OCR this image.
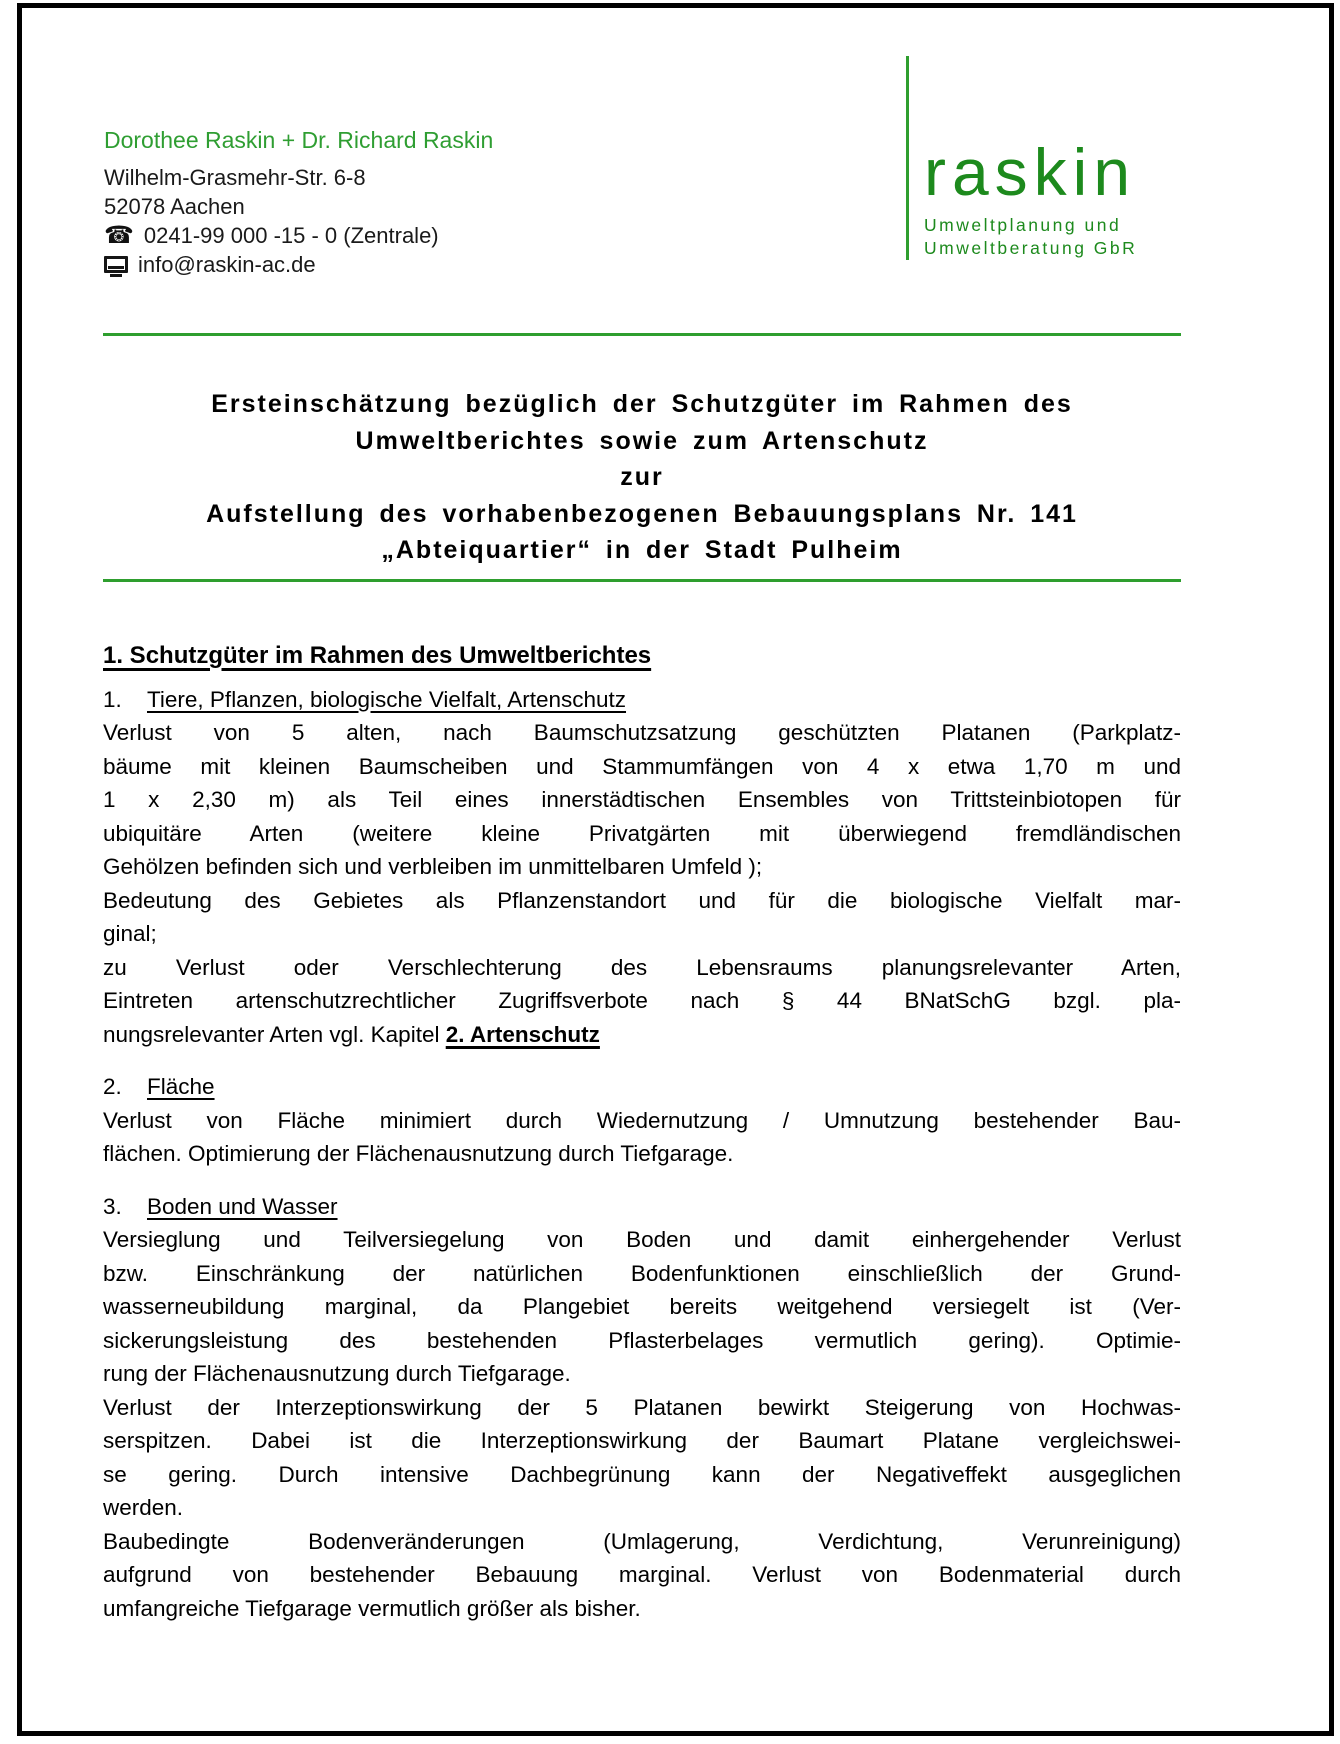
Dorothee Raskin + Dr. Richard Raskin
Wilhelm-Grasmehr-Str. 6-8
52078 Aachen
☎ 0241-99 000 -15 - 0 (Zentrale)
info@raskin-ac.de
raskin
Umweltplanung und
Umweltberatung GbR
Ersteinschätzung bezüglich der Schutzgüter im Rahmen des
Umweltberichtes sowie zum Artenschutz
zur
Aufstellung des vorhabenbezogenen Bebauungsplans Nr. 141
„Abteiquartier“ in der Stadt Pulheim
1. Schutzgüter im Rahmen des Umweltberichtes
1. Tiere, Pflanzen, biologische Vielfalt, Artenschutz
Verlust von 5 alten, nach Baumschutzsatzung geschützten Platanen (Parkplatz-
bäume mit kleinen Baumscheiben und Stammumfängen von 4 x etwa 1,70 m und
1 x 2,30 m) als Teil eines innerstädtischen Ensembles von Trittsteinbiotopen für
ubiquitäre Arten (weitere kleine Privatgärten mit überwiegend fremdländischen
Gehölzen befinden sich und verbleiben im unmittelbaren Umfeld );
Bedeutung des Gebietes als Pflanzenstandort und für die biologische Vielfalt mar-
ginal;
zu Verlust oder Verschlechterung des Lebensraums planungsrelevanter Arten,
Eintreten artenschutzrechtlicher Zugriffsverbote nach § 44 BNatSchG bzgl. pla-
nungsrelevanter Arten vgl. Kapitel 2. Artenschutz
2. Fläche
Verlust von Fläche minimiert durch Wiedernutzung / Umnutzung bestehender Bau-
flächen. Optimierung der Flächenausnutzung durch Tiefgarage.
3. Boden und Wasser
Versieglung und Teilversiegelung von Boden und damit einhergehender Verlust
bzw. Einschränkung der natürlichen Bodenfunktionen einschließlich der Grund-
wasserneubildung marginal, da Plangebiet bereits weitgehend versiegelt ist (Ver-
sickerungsleistung des bestehenden Pflasterbelages vermutlich gering). Optimie-
rung der Flächenausnutzung durch Tiefgarage.
Verlust der Interzeptionswirkung der 5 Platanen bewirkt Steigerung von Hochwas-
serspitzen. Dabei ist die Interzeptionswirkung der Baumart Platane vergleichswei-
se gering. Durch intensive Dachbegrünung kann der Negativeffekt ausgeglichen
werden.
Baubedingte Bodenveränderungen (Umlagerung, Verdichtung, Verunreinigung)
aufgrund von bestehender Bebauung marginal. Verlust von Bodenmaterial durch
umfangreiche Tiefgarage vermutlich größer als bisher.
